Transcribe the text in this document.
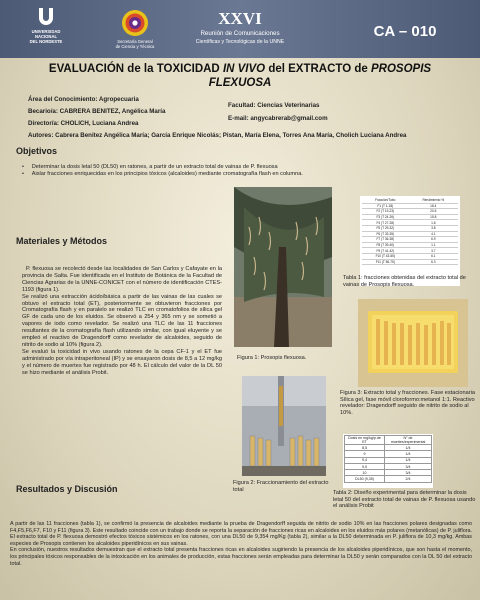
UNIVERSIDAD
NACIONAL
DEL NORDESTE	Secretaría General
de Ciencia y Técnica
XXVI
Reunión de Comunicaciones
Científicas y Tecnológicas de la UNNE
CA – 010
EVALUACIÓN de la TOXICIDAD IN VIVO del EXTRACTO de PROSOPIS
FLEXUOSA
Área del Conocimiento: Agropecuaria
Facultad: Ciencias Veterinarias
Becario/a: CABRERA BENITEZ, Angélica María
E-mail: angycabrerab@gmail.com
Director/a: CHOLICH, Luciana Andrea
Autores: Cabrera Benitez Angélica María; García Enrique Nicolás; Pistan, María Elena, Torres Ana María, Cholich Luciana Andrea
Objetivos
•     Determinar la dosis letal 50 (DL50) en ratones, a partir de un extracto total de vainas de P. flexuosa
•     Aislar fracciones enriquecidas en los principios tóxicos (alcaloides) mediante cromatografía flash en columna.
Fracción/Tubo	Rendimiento %
F1 (T 1-18)	18.4
F2 (T 19-23)	20.6
F3 (T 24-26)	15.8
F4 (T 27-28)	1.6
F5 (T 29-32)	3.8
F6 (T 33-35)	4.1
F7 (T 36-38)	6.9
F8 (T 39-40)	1.1
F9 (T 41-42)	3.7
F10 (T 43-55)	6.1
F11 (T 56-75)	6.3
Tabla 1: fracciones obtenidas del extracto total de vainas de Prosopis flexuosa.
Materiales y Métodos
P. flexuosa se recolectó desde las localidades de San Carlos y Cafayate en la provincia de Salta. Fue identificada en el Instituto de Botánica de la Facultad de Ciencias Agrarias de la UNNE-CONICET con el número de identificación CTES-1193 (figura 1).
Se realizó una extracción ácido/básica a partir de las vainas de las cuales se obtuvo el extracto total (ET), posteriormente se obtuvieron fracciones por Cromatografía flash y en paralelo se realizó TLC en cromatofolios de sílica gel GF de cada uno de los eluidos. Se observó a 254 y 365 nm y se sometió a vapores de iodo como revelador. Se realizó una TLC de las 11 fracciones resultantes de la cromatografía flash utilizando similar, con igual eluyente y se empleó el reactivo de Dragendorff como revelador de alcaloides, seguido de nitrito de sodio al 10% (figura 2).
Se evaluó la toxicidad in vivo usando ratones de la cepa CF-1 y el ET fue administrado por vía intraperitoneal (IP) y se ensayaron dosis de 8,5 a 12 mg/kg y el número de muertes fue registrado por 48 h. El cálculo del valor de la DL 50 se hizo mediante el análisis Probit.
Figura 1: Prosopis flexuosa.
Figura 3: Extracto total y fracciones. Fase estacionaria Sílica gel, fase móvil cloroformo:metanol 1:1. Reactivo revelador: Dragendorff seguido de nitrito de sodio al 10%.
Figura 2: Fraccionamiento del extracto total
Dosis en mg/kg/p.de ET	N° de muertes/experimental
8,5	1/4
9	1/4
9,4	1/4
9,5	3/4
10	3/4
DL50 (9,35)	2/4
Tabla 2: Diseño experimental para determinar la dosis letal 50 del extracto total de vainas de P. flexuosa usando el análisis Probit
Resultados y Discusión
A partir de las 11 fracciones (tabla 1), se confirmó la presencia de alcaloides mediante la prueba de Dragendorff seguida de nitrito de sodio 10% en las fracciones polares designadas como F4,F5,F6,F7, F10 y F11 (figura 3). Este resultado coincide con un trabajo donde se reporta la separación de fracciones ricas en alcaloides en los eluidos más polares (metanólicas) de P. juliflora. El extracto total de P. flexuosa demostró efectos tóxicos sistémicos en los ratones, con una DL50 de 9,354 mg/Kg (tabla 2), similar a la DL50 determinada en P. juliflora de 10,3 mg/kg. Ambas especies de Prosopis contienen los alcaloides piperidínicos en sus vainas.
En conclusión, nuestros resultados demuestran que el extracto total presenta fracciones ricas en alcaloides sugiriendo la presencia de los alcaloides piperidínicos, que son hasta el momento, los principales tóxicos responsables de la intoxicación en los animales de producción, estas fracciones serán empleadas para determinar la DL50 y serán comparados con la DL 50 del extracto total.
